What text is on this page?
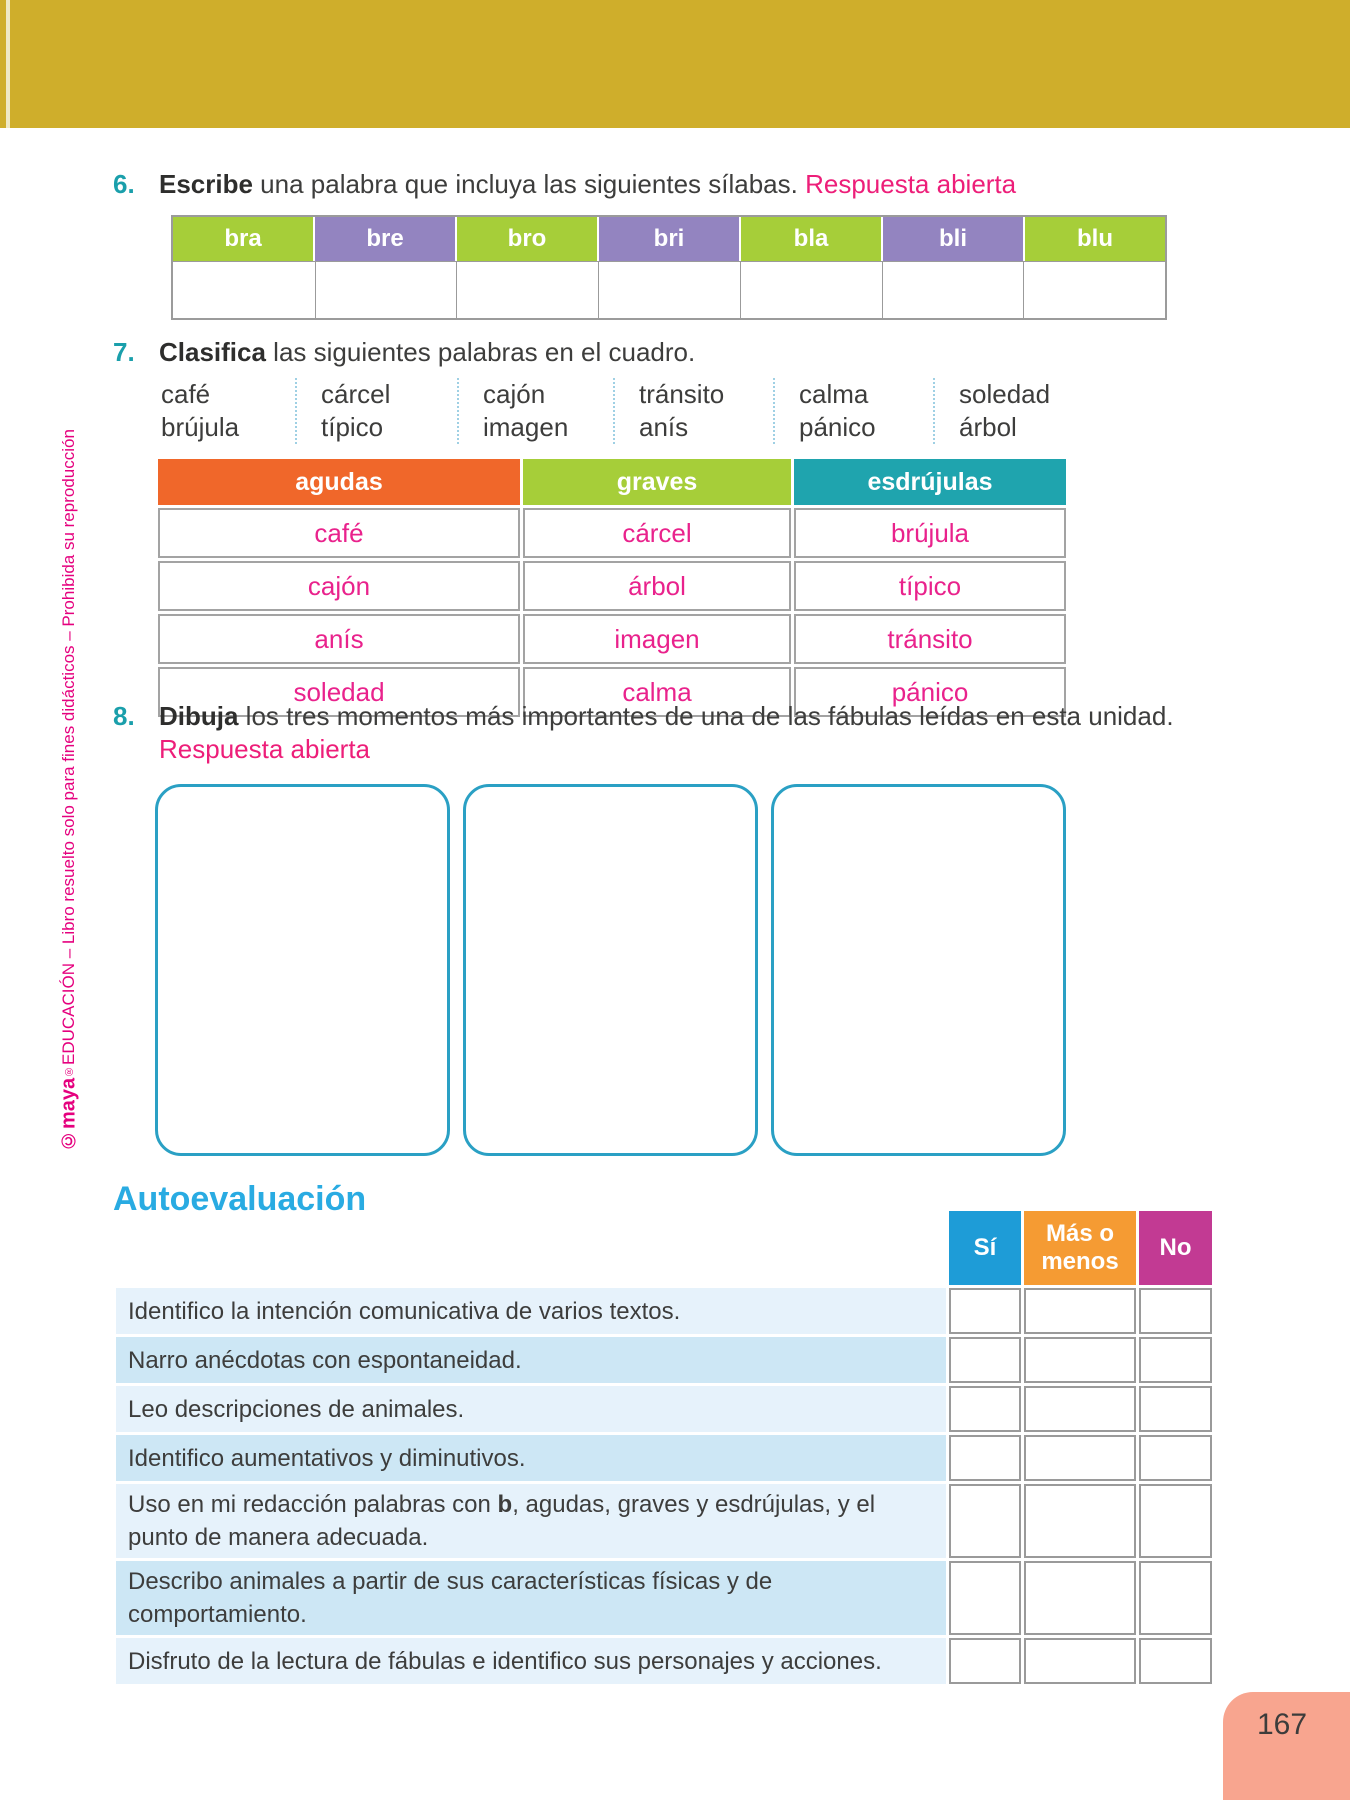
©maya
®
EDUCACIÓN – Libro resuelto solo para fines didácticos – Prohibida su reproducción
6. Escribe una palabra que incluya las siguientes sílabas. Respuesta abierta
bra	bre	bro	bri	bla	bli	blu
7. Clasifica las siguientes palabras en el cuadro.
café
brújula
cárcel
típico
cajón
imagen
tránsito
anís
calma
pánico
soledad
árbol
agudas	graves	esdrújulas
café	cárcel	brújula
cajón	árbol	típico
anís	imagen	tránsito
soledad	calma	pánico
8. Dibuja los tres momentos más importantes de una de las fábulas leídas en esta unidad. Respuesta abierta
Autoevaluación
	Sí	Más o menos	No
Identifico la intención comunicativa de varios textos.			
Narro anécdotas con espontaneidad.			
Leo descripciones de animales.			
Identifico aumentativos y diminutivos.			
Uso en mi redacción palabras con b, agudas, graves y esdrújulas, y el punto de manera adecuada.			
Describo animales a partir de sus características físicas y de comportamiento.			
Disfruto de la lectura de fábulas e identifico sus personajes y acciones.			
167
